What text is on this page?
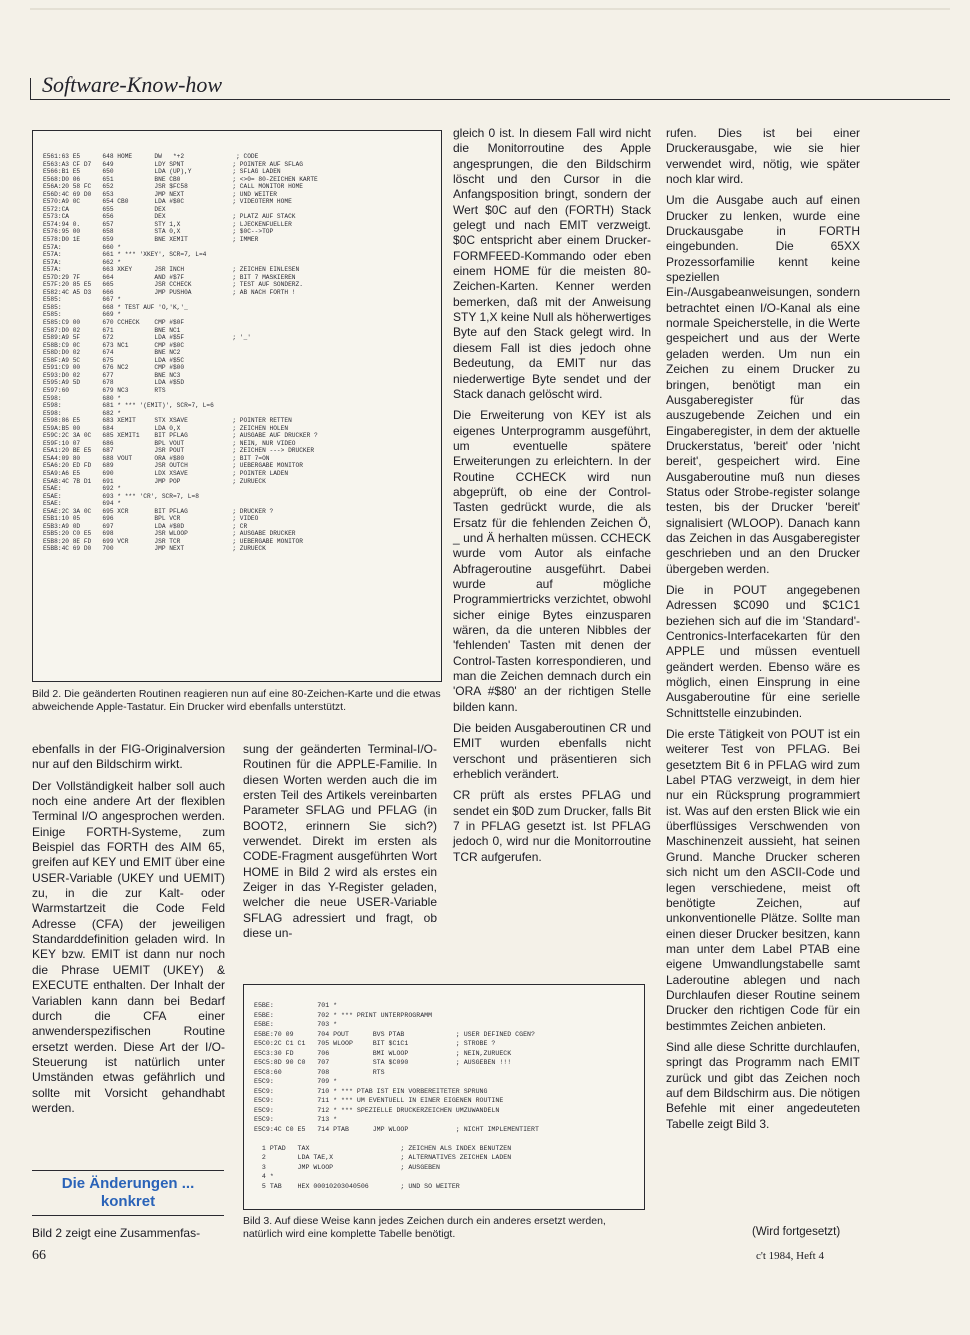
Software-Know-how
E561:63 E5      648 HOME      DW   *+2              ; CODE
E563:A3 CF D7   649           LDY SPNT             ; POINTER AUF SFLAG
E566:B1 E5      650           LDA (UP),Y           ; SFLAG LADEN
E568:D0 06      651           BNE CB0              ; <>0= 80-ZEICHEN KARTE
E56A:20 58 FC   652           JSR $FC58            ; CALL MONITOR HOME
E56D:4C 69 D0   653           JMP NEXT             ; UND WEITER
E570:A9 0C      654 CB0       LDA #$0C             ; VIDEOTERM HOME
E572:CA         655           DEX
E573:CA         656           DEX                  ; PLATZ AUF STACK
E574:94 0.      657           STY 1,X              ; LJECKENFUELLER
E576:95 00      658           STA 0,X              ; $0C-->TOP
E578:D0 1E      659           BNE XEMIT            ; IMMER
E57A:           660 *
E57A:           661 * *** 'XKEY', SCR=7, L=4
E57A:           662 *
E57A:           663 XKEY      JSR INCH             ; ZEICHEN EINLESEN
E57D:29 7F      664           AND #$7F             ; BIT 7 MASKIEREN
E57F:20 85 E5   665           JSR CCHECK           ; TEST AUF SONDERZ.
E582:4C A5 D3   666           JMP PUSH0A           ; AB NACH FORTH !
E585:           667 *
E585:           668 * TEST AUF 'O,'K,'_
E585:           669 *
E585:C9 00      670 CCHECK    CMP #$0F
E587:D0 02      671           BNE NC1
E589:A9 5F      672           LDA #$5F             ; '_'
E58B:C9 0C      673 NC1       CMP #$0C
E58D:D0 02      674           BNE NC2
E58F:A9 5C      675           LDA #$5C
E591:C9 00      676 NC2       CMP #$00
E593:D0 02      677           BNE NC3
E595:A9 5D      678           LDA #$5D
E597:60         679 NC3       RTS
E598:           680 *
E598:           681 * *** '(EMIT)', SCR=7, L=6
E598:           682 *
E598:86 E5      683 XEMIT     STX XSAVE            ; POINTER RETTEN
E59A:B5 00      684           LDA 0,X              ; ZEICHEN HOLEN
E59C:2C 3A 0C   685 XEMIT1    BIT PFLAG            ; AUSGABE AUF DRUCKER ?
E59F:10 07      686           BPL VOUT             ; NEIN, NUR VIDEO
E5A1:20 BE E5   687           JSR POUT             ; ZEICHEN ---> DRUCKER
E5A4:09 80      688 VOUT      ORA #$80             ; BIT 7=ON
E5A6:20 ED FD   689           JSR OUTCH            ; UEBERGABE MONITOR
E5A9:A6 E5      690           LDX XSAVE            ; POINTER LADEN
E5AB:4C 7B D1   691           JMP POP              ; ZURUECK
E5AE:           692 *
E5AE:           693 * *** 'CR', SCR=7, L=8
E5AE:           694 *
E5AE:2C 3A 0C   695 XCR       BIT PFLAG            ; DRUCKER ?
E5B1:10 05      696           BPL VCR              ; VIDEO
E5B3:A9 0D      697           LDA #$0D             ; CR
E5B5:20 C0 E5   698           JSR WLOOP            ; AUSGABE DRUCKER
E5B8:20 8E FD   699 VCR       JSR TCR              ; UEBERGABE MONITOR
E5BB:4C 69 D0   700           JMP NEXT             ; ZURUECK
Bild 2. Die geänderten Routinen reagieren nun auf eine 80-Zeichen-Karte und die etwas abweichende Apple-Tastatur. Ein Drucker wird ebenfalls unterstützt.

gleich 0 ist. In diesem Fall wird nicht die Monitorroutine des Apple angesprungen, die den Bildschirm löscht und den Cursor in die Anfangsposition bringt, sondern der Wert $0C auf den (FORTH) Stack gelegt und nach EMIT verzweigt. $0C entspricht aber einem Drucker-FORMFEED-Kommando oder eben einem HOME für die meisten 80-Zeichen-Karten. Kenner werden bemerken, daß mit der Anweisung STY 1,X keine Null als höherwertiges Byte auf den Stack gelegt wird. In diesem Fall ist dies jedoch ohne Bedeutung, da EMIT nur das niederwertige Byte sendet und der Stack danach gelöscht wird.

Die Erweiterung von KEY ist als eigenes Unterprogramm ausgeführt, um eventuelle spätere Erweiterungen zu erleichtern. In der Routine CCHECK wird nun abgeprüft, ob eine der Control-Tasten gedrückt wurde, die als Ersatz für die fehlenden Zeichen Ö, _ und Ä herhalten müssen. CCHECK wurde vom Autor als einfache Abfrageroutine ausgeführt. Dabei wurde auf mögliche Programmiertricks verzichtet, obwohl sicher einige Bytes einzusparen wären, da die unteren Nibbles der 'fehlenden' Tasten mit denen der Control-Tasten korrespondieren, und man die Zeichen demnach durch ein 'ORA #$80' an der richtigen Stelle bilden kann.

Die beiden Ausgaberoutinen CR und EMIT wurden ebenfalls nicht verschont und präsentieren sich erheblich verändert.

CR prüft als erstes PFLAG und sendet ein $0D zum Drucker, falls Bit 7 in PFLAG gesetzt ist. Ist PFLAG jedoch 0, wird nur die Monitorroutine TCR aufgerufen.

rufen. Dies ist bei einer Druckerausgabe, wie sie hier verwendet wird, nötig, wie später noch klar wird.

Um die Ausgabe auch auf einen Drucker zu lenken, wurde eine Druckausgabe in FORTH eingebunden. Die 65XX Prozessorfamilie kennt keine speziellen Ein-/Ausgabeanweisungen, sondern betrachtet einen I/O-Kanal als eine normale Speicherstelle, in die Werte gespeichert und aus der Werte geladen werden. Um nun ein Zeichen zu einem Drucker zu bringen, benötigt man ein Ausgaberegister für das auszugebende Zeichen und ein Eingaberegister, in dem der aktuelle Druckerstatus, 'bereit' oder 'nicht bereit', gespeichert wird. Eine Ausgaberoutine muß nun dieses Status oder Strobe-register solange testen, bis der Drucker 'bereit' signalisiert (WLOOP). Danach kann das Zeichen in das Ausgaberegister geschrieben und an den Drucker übergeben werden.

Die in POUT angegebenen Adressen $C090 und $C1C1 beziehen sich auf die im 'Standard'-Centronics-Interfacekarten für den APPLE und müssen eventuell geändert werden. Ebenso wäre es möglich, einen Einsprung in eine Ausgaberoutine für eine serielle Schnittstelle einzubinden.

Die erste Tätigkeit von POUT ist ein weiterer Test von PFLAG. Bei gesetztem Bit 6 in PFLAG wird zum Label PTAG verzweigt, in dem hier nur ein Rücksprung programmiert ist. Was auf den ersten Blick wie ein überflüssiges Verschwenden von Maschinenzeit aussieht, hat seinen Grund. Manche Drucker scheren sich nicht um den ASCII-Code und legen verschiedene, meist oft benötigte Zeichen, auf unkonventionelle Plätze. Sollte man einen dieser Drucker besitzen, kann man unter dem Label PTAB eine eigene Umwandlungstabelle samt Laderoutine ablegen und nach Durchlaufen dieser Routine seinem Drucker den richtigen Code für ein bestimmtes Zeichen anbieten.

Sind alle diese Schritte durchlaufen, springt das Programm nach EMIT zurück und gibt das Zeichen noch auf dem Bildschirm aus. Die nötigen Befehle mit einer angedeuteten Tabelle zeigt Bild 3.

(Wird fortgesetzt)

ebenfalls in der FIG-Originalversion nur auf den Bildschirm wirkt.

Der Vollständigkeit halber soll auch noch eine andere Art der flexiblen Terminal I/O angesprochen werden. Einige FORTH-Systeme, zum Beispiel das FORTH des AIM 65, greifen auf KEY und EMIT über eine USER-Variable (UKEY und UEMIT) zu, in die zur Kalt- oder Warmstartzeit die Code Feld Adresse (CFA) der jeweiligen Standarddefinition geladen wird. In KEY bzw. EMIT ist dann nur noch die Phrase UEMIT (UKEY) & EXECUTE enthalten. Der Inhalt der Variablen kann dann bei Bedarf durch die CFA einer anwenderspezifischen Routine ersetzt werden. Diese Art der I/O-Steuerung ist natürlich unter Umständen etwas gefährlich und sollte mit Vorsicht gehandhabt werden.

Die Änderungen ...
konkret

Bild 2 zeigt eine Zusammenfas-

sung der geänderten Terminal-I/O-Routinen für die APPLE-Familie. In diesen Worten werden auch die im ersten Teil des Artikels vereinbarten Parameter SFLAG und PFLAG (in BOOT2, erinnern Sie sich?) verwendet. Direkt im ersten als CODE-Fragment ausgeführten Wort HOME in Bild 2 wird als erstes ein Zeiger in das Y-Register geladen, welcher die neue USER-Variable SFLAG adressiert und fragt, ob diese un-

E5BE:           701 *
E5BE:           702 * *** PRINT UNTERPROGRAMM
E5BE:           703 *
E5BE:70 09      704 POUT      BVS PTAB             ; USER DEFINED CGEN?
E5C0:2C C1 C1   705 WLOOP     BIT $C1C1            ; STROBE ?
E5C3:30 FD      706           BMI WLOOP            ; NEIN,ZURUECK
E5C5:8D 90 C0   707           STA $C090            ; AUSGEBEN !!!
E5C8:60         708           RTS
E5C9:           709 *
E5C9:           710 * *** PTAB IST EIN VORBEREITETER SPRUNG
E5C9:           711 * *** UM EVENTUELL IN EINER EIGENEN ROUTINE
E5C9:           712 * *** SPEZIELLE DRUCKERZEICHEN UMZUWANDELN
E5C9:           713 *
E5C9:4C C0 E5   714 PTAB      JMP WLOOP            ; NICHT IMPLEMENTIERT

1 PTAD   TAX                       ; ZEICHEN ALS INDEX BENUTZEN
2        LDA TAE,X                 ; ALTERNATIVES ZEICHEN LADEN
3        JMP WLOOP                 ; AUSGEBEN
4 *
5 TAB    HEX 00010203040506        ; UND SO WEITER
Bild 3. Auf diese Weise kann jedes Zeichen durch ein anderes ersetzt werden, natürlich wird eine komplette Tabelle benötigt.
66	c't 1984, Heft 4
